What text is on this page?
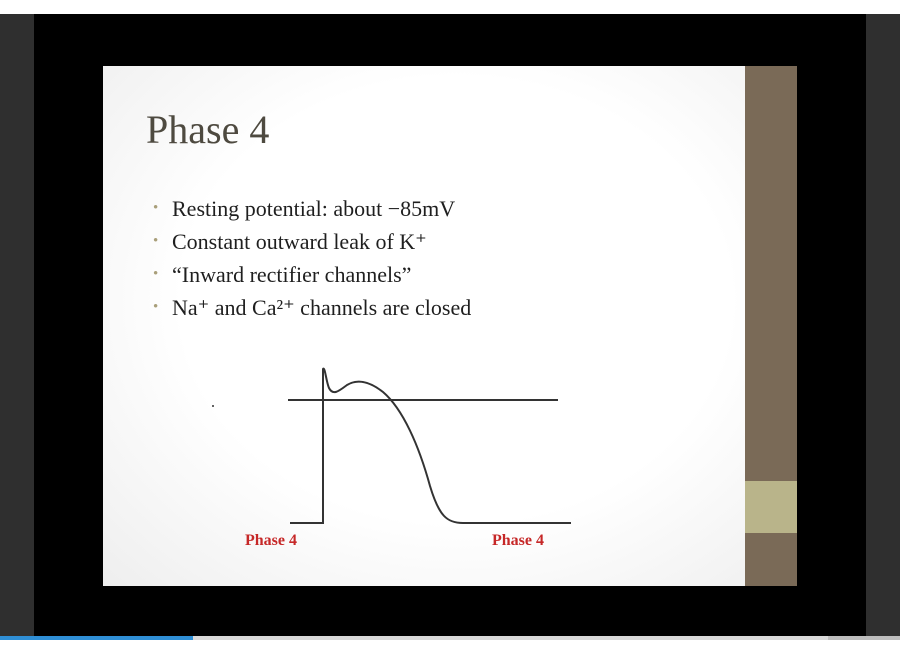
Phase 4
• Resting potential: about −85mV
• Constant outward leak of K⁺
• “Inward rectifier channels”
• Na⁺ and Ca²⁺ channels are closed
Phase 4	Phase 4
